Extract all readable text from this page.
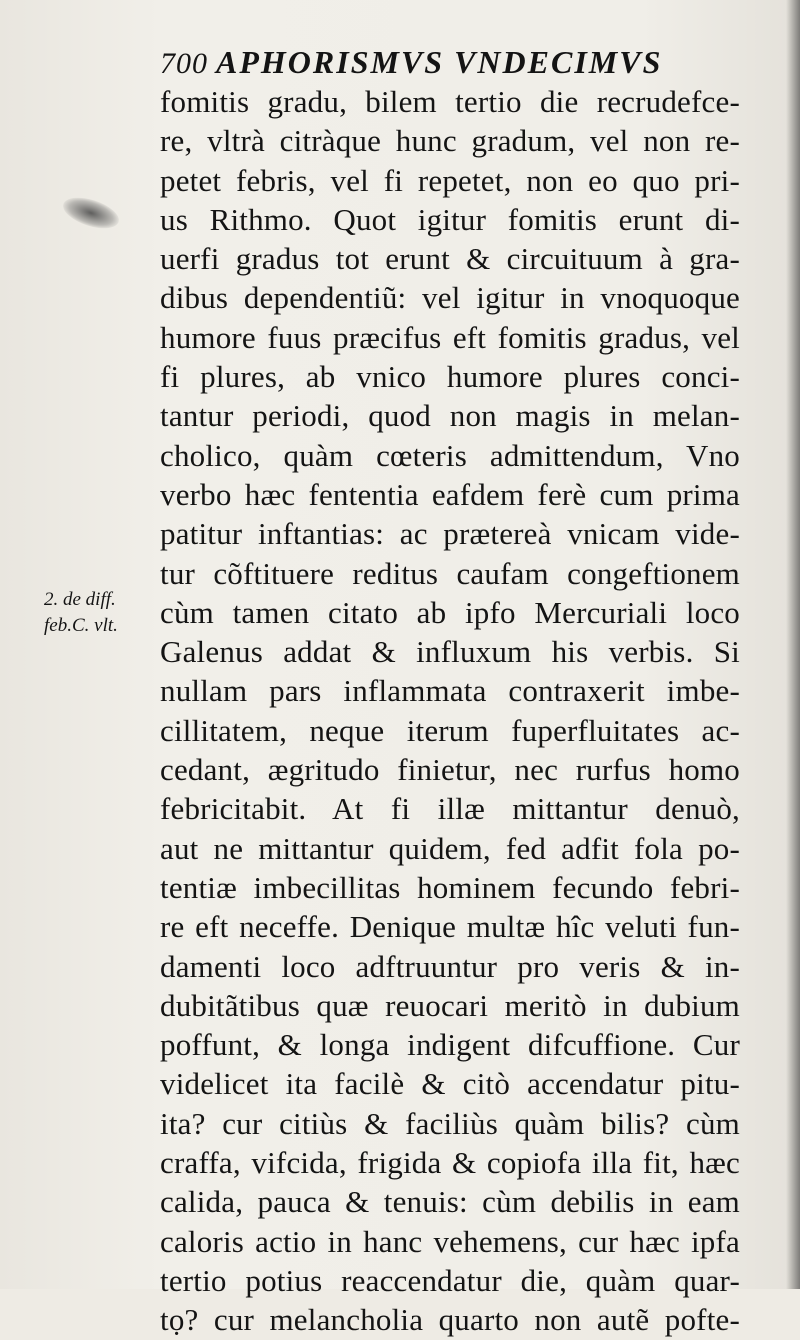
700 APHORISMVS VNDECIMVS
2. de diff.
feb.C. vlt.
fomitis gradu, bilem tertio die recrudefce-
re, vltrà citràque hunc gradum, vel non re-
petet febris, vel fi repetet, non eo quo pri-
us Rithmo. Quot igitur fomitis erunt di-
uerfi gradus tot erunt & circuituum à gra-
dibus dependentiũ: vel igitur in vnoquoque
humore fuus præcifus eft fomitis gradus, vel
fi plures, ab vnico humore plures conci-
tantur periodi, quod non magis in melan-
cholico, quàm cœteris admittendum, Vno
verbo hæc fententia eafdem ferè cum prima
patitur inftantias: ac prætereà vnicam vide-
tur cõftituere reditus caufam congeftionem
cùm tamen citato ab ipfo Mercuriali loco
Galenus addat & influxum his verbis. Si
nullam pars inflammata contraxerit imbe-
cillitatem, neque iterum fuperfluitates ac-
cedant, ægritudo finietur, nec rurfus homo
febricitabit. At fi illæ mittantur denuò,
aut ne mittantur quidem, fed adfit fola po-
tentiæ imbecillitas hominem fecundo febri-
re eft neceffe. Denique multæ hîc veluti fun-
damenti loco adftruuntur pro veris & in-
dubitãtibus quæ reuocari meritò in dubium
poffunt, & longa indigent difcuffione. Cur
videlicet ita facilè & citò accendatur pitu-
ita? cur citiùs & faciliùs quàm bilis? cùm
craffa, vifcida, frigida & copiofa illa fit, hæc
calida, pauca & tenuis: cùm debilis in eam
caloris actio in hanc vehemens, cur hæc ipfa
tertio potius reaccendatur die, quàm quar-
tọ? cur melancholia quarto non autẽ pofte-
